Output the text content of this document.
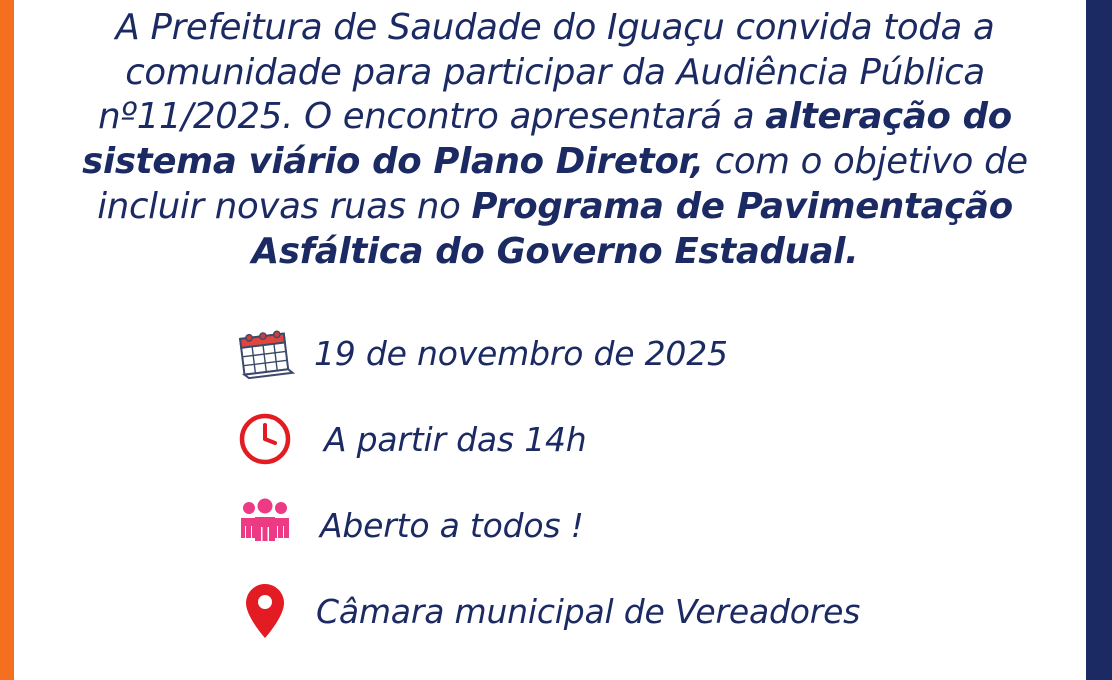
A Prefeitura de Saudade do Iguaçu convida toda a comunidade para participar da Audiência Pública nº11/2025. O encontro apresentará a alteração do sistema viário do Plano Diretor, com o objetivo de incluir novas ruas no Programa de Pavimentação Asfáltica do Governo Estadual.

19 de novembro de 2025
A partir das 14h
Aberto a todos !
Câmara municipal de Vereadores
